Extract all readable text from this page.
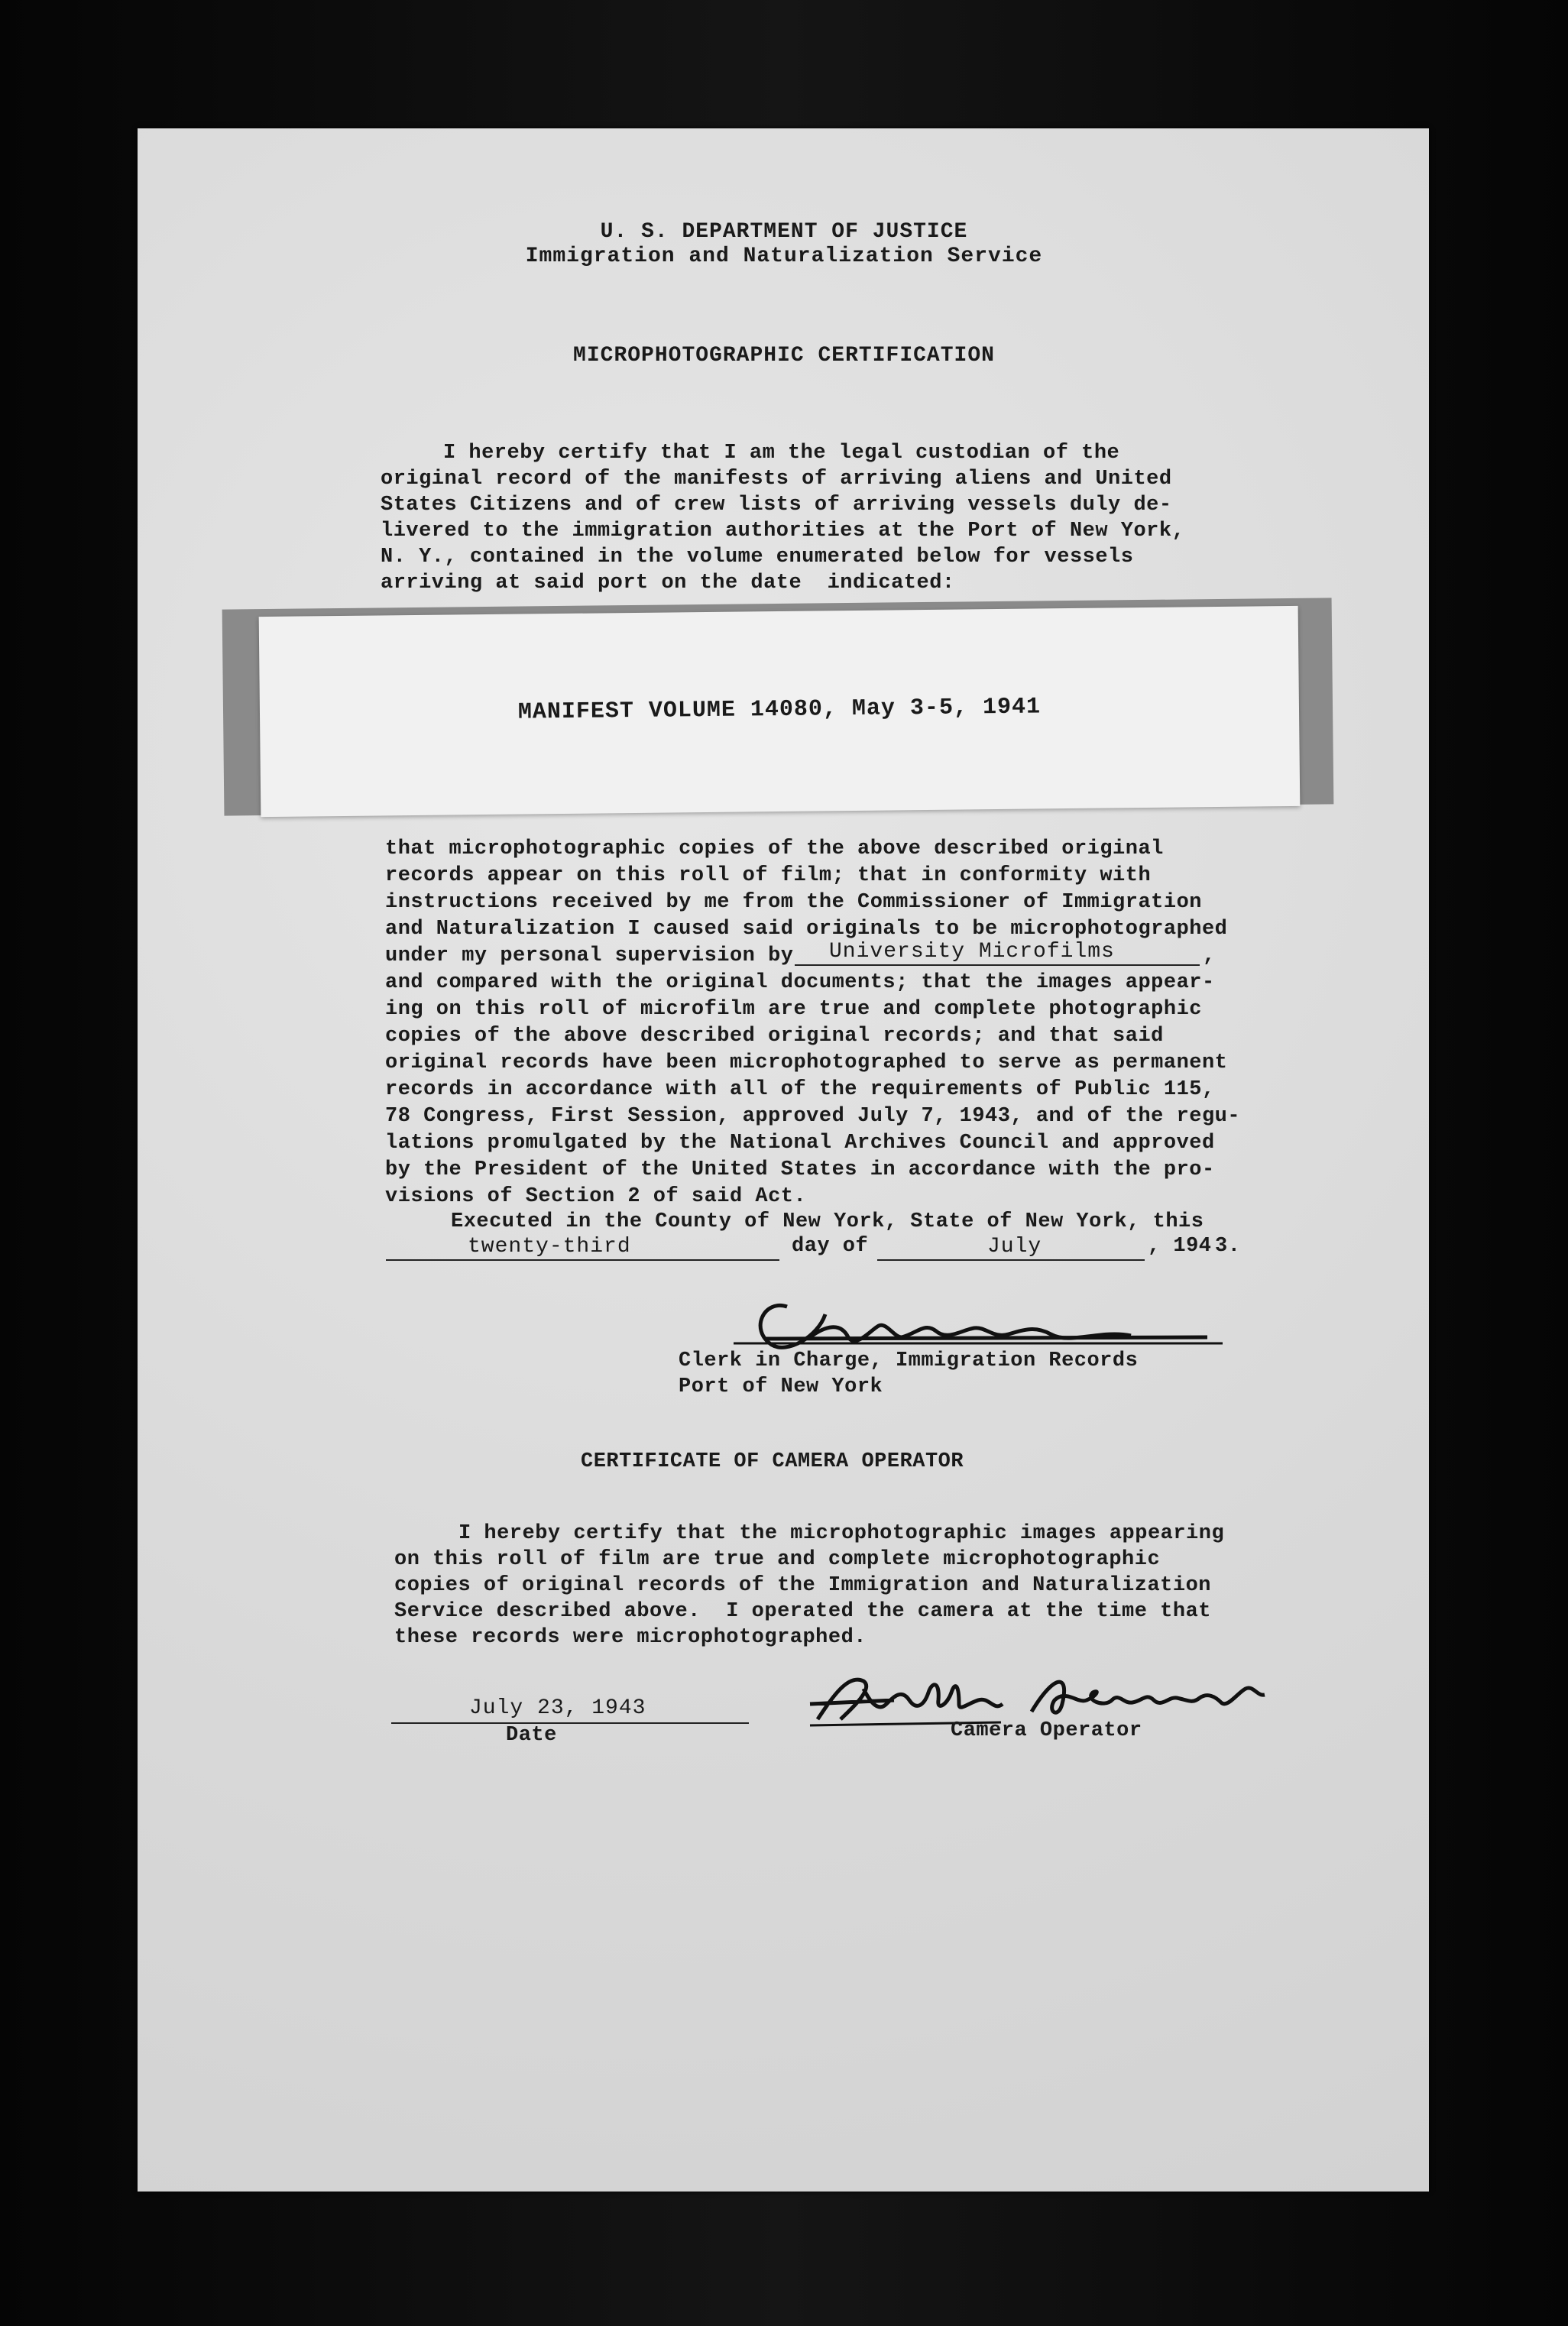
U. S. DEPARTMENT OF JUSTICE
Immigration and Naturalization Service
MICROPHOTOGRAPHIC CERTIFICATION
I hereby certify that I am the legal custodian of the
original record of the manifests of arriving aliens and United
States Citizens and of crew lists of arriving vessels duly de-
livered to the immigration authorities at the Port of New York,
N. Y., contained in the volume enumerated below for vessels
arriving at said port on the date  indicated:
MANIFEST VOLUME 14080, May 3-5, 1941
that microphotographic copies of the above described original
records appear on this roll of film; that in conformity with
instructions received by me from the Commissioner of Immigration
and Naturalization I caused said originals to be microphotographed
under my personal supervision by University Microfilms	,
and compared with the original documents; that the images appear-
ing on this roll of microfilm are true and complete photographic
copies of the above described original records; and that said
original records have been microphotographed to serve as permanent
records in accordance with all of the requirements of Public 115,
78 Congress, First Session, approved July 7, 1943, and of the regu-
lations promulgated by the National Archives Council and approved
by the President of the United States in accordance with the pro-
visions of Section 2 of said Act.
Executed in the County of New York, State of New York, this
twenty-third	day of	July	, 194 3.
Clerk in Charge, Immigration Records
Port of New York
CERTIFICATE OF CAMERA OPERATOR
I hereby certify that the microphotographic images appearing
on this roll of film are true and complete microphotographic
copies of original records of the Immigration and Naturalization
Service described above.  I operated the camera at the time that
these records were microphotographed.
July 23, 1943
Date	Camera Operator
